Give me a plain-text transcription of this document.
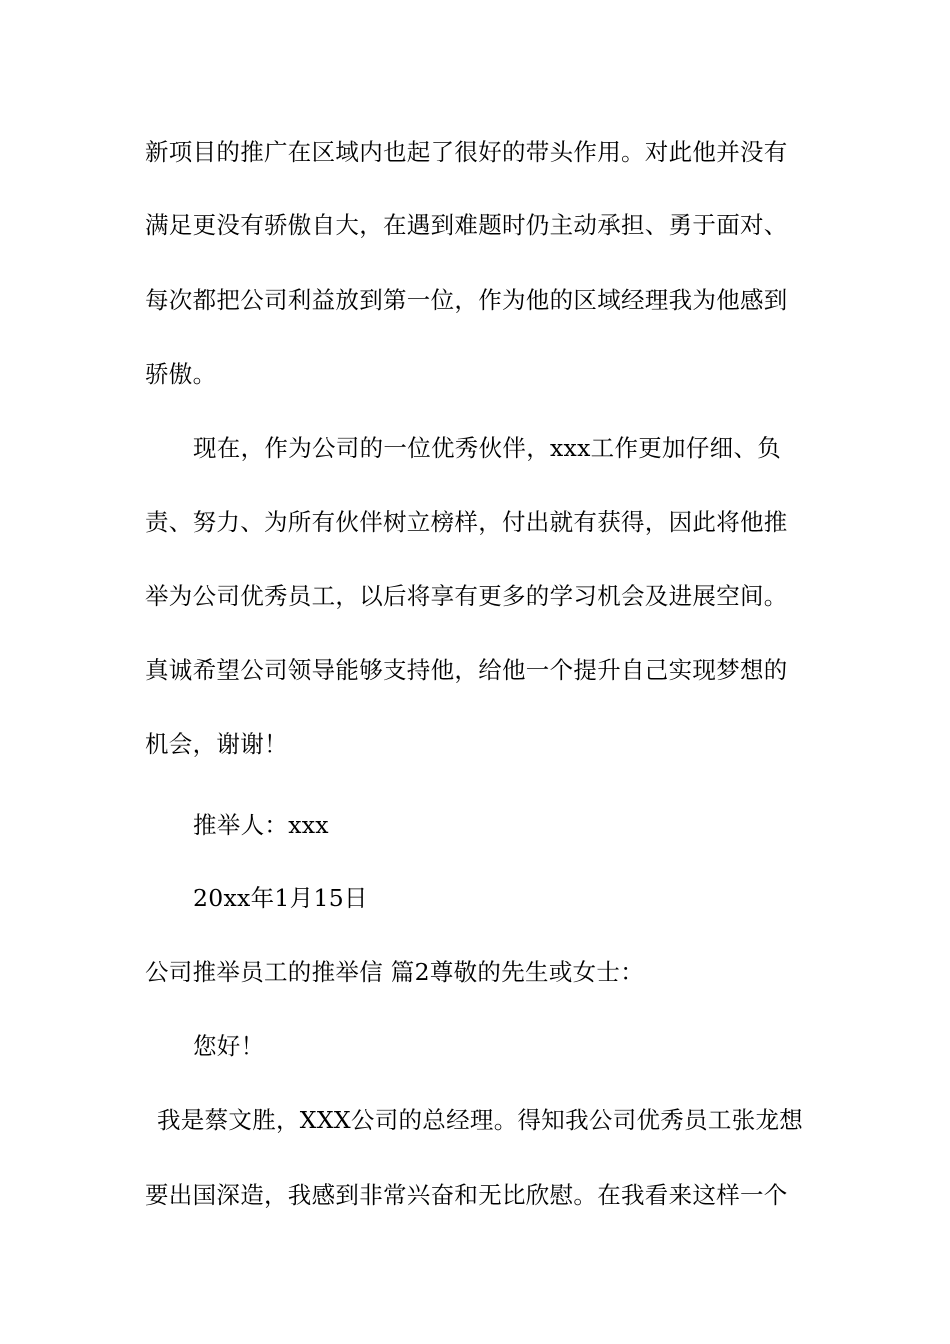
新项目的推广在区域内也起了很好的带头作用。对此他并没有
满足更没有骄傲自大，在遇到难题时仍主动承担、勇于面对、
每次都把公司利益放到第一位，作为他的区域经理我为他感到
骄傲。
现在，作为公司的一位优秀伙伴，xxx工作更加仔细、负
责、努力、为所有伙伴树立榜样，付出就有获得，因此将他推
举为公司优秀员工，以后将享有更多的学习机会及进展空间。
真诚希望公司领导能够支持他，给他一个提升自己实现梦想的
机会，谢谢！
推举人：xxx
20xx年1月15日
公司推举员工的推举信 篇2尊敬的先生或女士：
您好！
我是蔡文胜，XXX公司的总经理。得知我公司优秀员工张龙想
要出国深造，我感到非常兴奋和无比欣慰。在我看来这样一个
